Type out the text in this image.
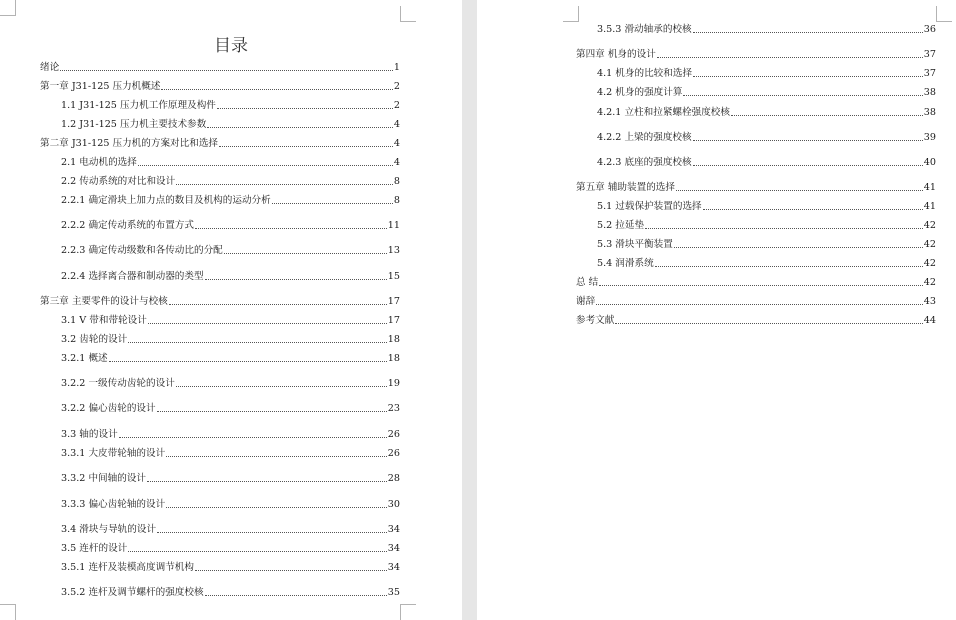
目录
绪论	1
第一章 J31-125 压力机概述	2
1.1 J31-125 压力机工作原理及构件	2
1.2 J31-125 压力机主要技术参数	4
第二章 J31-125 压力机的方案对比和选择	4
2.1 电动机的选择	4
2.2 传动系统的对比和设计	8
2.2.1 确定滑块上加力点的数目及机构的运动分析	8
2.2.2 确定传动系统的布置方式	11
2.2.3 确定传动级数和各传动比的分配	13
2.2.4 选择离合器和制动器的类型	15
第三章 主要零件的设计与校核	17
3.1 V 带和带轮设计	17
3.2 齿轮的设计	18
3.2.1 概述	18
3.2.2 一级传动齿轮的设计	19
3.2.2 偏心齿轮的设计	23
3.3 轴的设计	26
3.3.1 大皮带轮轴的设计	26
3.3.2 中间轴的设计	28
3.3.3 偏心齿轮轴的设计	30
3.4 滑块与导轨的设计	34
3.5 连杆的设计	34
3.5.1 连杆及装模高度调节机构	34
3.5.2 连杆及调节螺杆的强度校核	35
3.5.3 滑动轴承的校核	36
第四章 机身的设计	37
4.1 机身的比较和选择	37
4.2 机身的强度计算	38
4.2.1 立柱和拉紧螺栓强度校核	38
4.2.2 上梁的强度校核	39
4.2.3 底座的强度校核	40
第五章 辅助装置的选择	41
5.1 过载保护装置的选择	41
5.2 拉延垫	42
5.3 滑块平衡装置	42
5.4 润滑系统	42
总 结	42
谢辞	43
参考文献	44
